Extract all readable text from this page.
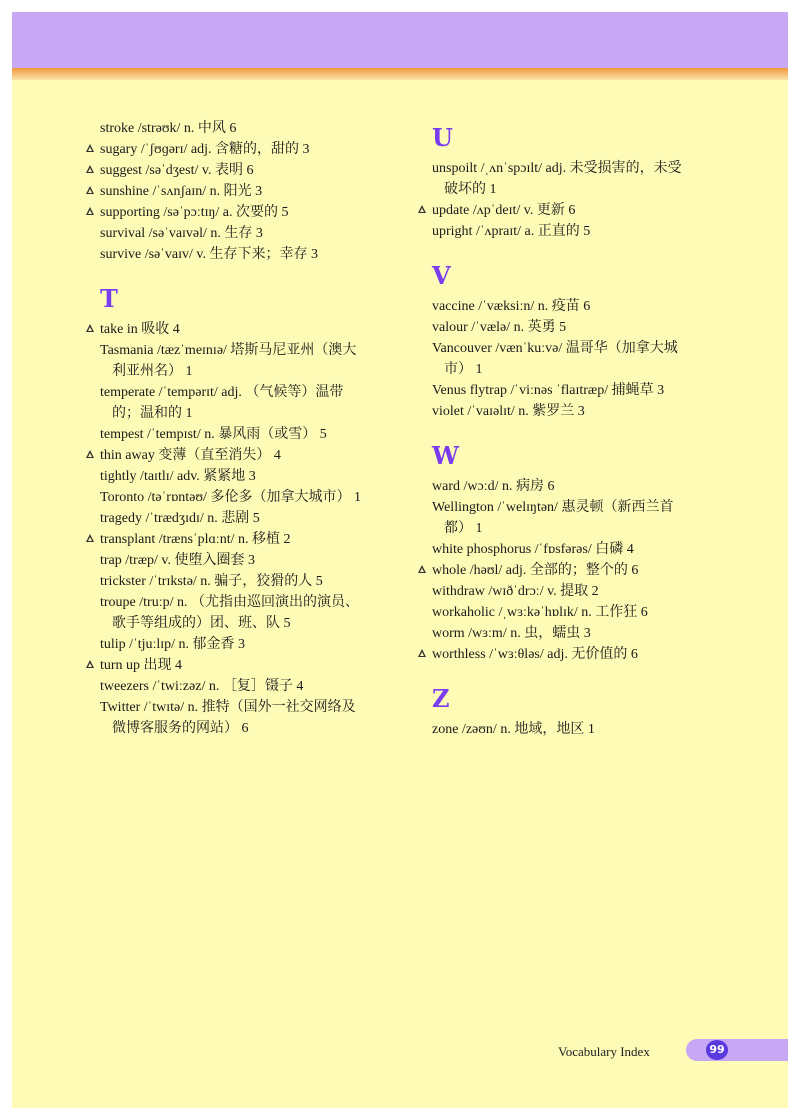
stroke /strəʊk/ n. 中风 6
sugary /ˈʃʊɡərɪ/ adj. 含糖的，甜的 3
suggest /səˈdʒest/ v. 表明 6
sunshine /ˈsʌnʃaɪn/ n. 阳光 3
supporting /səˈpɔːtɪŋ/ a. 次要的 5
survival /səˈvaɪvəl/ n. 生存 3
survive /səˈvaɪv/ v. 生存下来；幸存 3
T
take in 吸收 4
Tasmania /tæzˈmeɪnɪə/ 塔斯马尼亚州（澳大
利亚州名） 1
temperate /ˈtempərɪt/ adj. （气候等）温带
的；温和的 1
tempest /ˈtempɪst/ n. 暴风雨（或雪） 5
thin away 变薄（直至消失） 4
tightly /taɪtlɪ/ adv. 紧紧地 3
Toronto /təˈrɒntəʊ/ 多伦多（加拿大城市） 1
tragedy /ˈtrædʒɪdɪ/ n. 悲剧 5
transplant /trænsˈplɑːnt/ n. 移植 2
trap /træp/ v. 使堕入圈套 3
trickster /ˈtrɪkstə/ n. 骗子，狡猾的人 5
troupe /truːp/ n. （尤指由巡回演出的演员、
歌手等组成的）团、班、队 5
tulip /ˈtjuːlɪp/ n. 郁金香 3
turn up 出现 4
tweezers /ˈtwiːzəz/ n. ［复］镊子 4
Twitter /ˈtwɪtə/ n. 推特（国外一社交网络及
微博客服务的网站） 6
U
unspoilt /ˌʌnˈspɔɪlt/ adj. 未受损害的，未受
破坏的 1
update /ʌpˈdeɪt/ v. 更新 6
upright /ˈʌpraɪt/ a. 正直的 5
V
vaccine /ˈvæksiːn/ n. 疫苗 6
valour /ˈvælə/ n. 英勇 5
Vancouver /vænˈkuːvə/ 温哥华（加拿大城
市） 1
Venus flytrap /ˈviːnəs ˈflaɪtræp/ 捕蝇草 3
violet /ˈvaɪəlɪt/ n. 紫罗兰 3
W
ward /wɔːd/ n. 病房 6
Wellington /ˈwelɪŋtən/ 惠灵顿（新西兰首
都） 1
white phosphorus /ˈfɒsfərəs/ 白磷 4
whole /həʊl/ adj. 全部的；整个的 6
withdraw /wɪðˈdrɔː/ v. 提取 2
workaholic /ˌwɜːkəˈhɒlɪk/ n. 工作狂 6
worm /wɜːm/ n. 虫，蠕虫 3
worthless /ˈwɜːθləs/ adj. 无价值的 6
Z
zone /zəʊn/ n. 地域，地区 1
Vocabulary Index	99
